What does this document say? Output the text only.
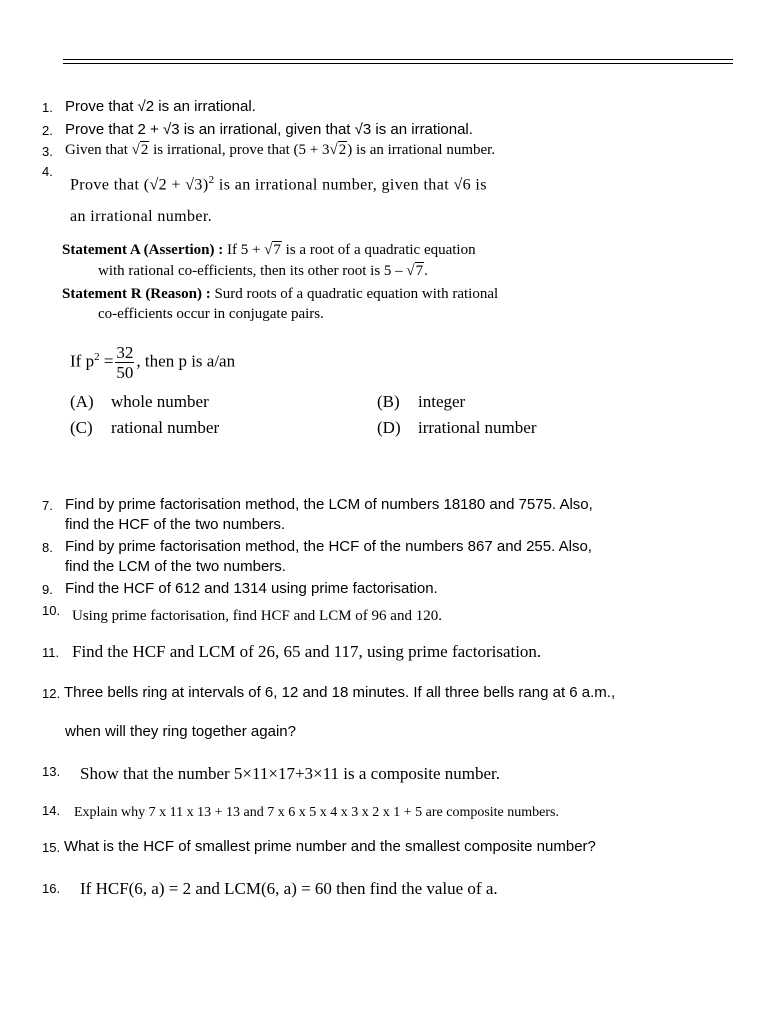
1. Prove that √2 is an irrational.
2. Prove that 2 + √3 is an irrational, given that √3 is an irrational.
3. Given that √2 is irrational, prove that (5 + 3√2) is an irrational number.
4.
Prove that $(√2 + √3)^2$ is an irrational number, given that √6 is
an irrational number.
Statement A (Assertion) : If 5 + √7 is a root of a quadratic equation
with rational co-efficients, then its other root is 5 – √7.
Statement R (Reason) : Surd roots of a quadratic equation with rational
co-efficients occur in conjugate pairs.
If $p^2 = \frac{32}{50}$ , then p is a/an
(A) whole number	(B) integer
(C) rational number	(D) irrational number
7. Find by prime factorisation method, the LCM of numbers 18180 and 7575. Also,
find the HCF of the two numbers.
8. Find by prime factorisation method, the HCF of the numbers 867 and 255. Also,
find the LCM of the two numbers.
9. Find the HCF of 612 and 1314 using prime factorisation.
10. Using prime factorisation, find HCF and LCM of 96 and 120.
11. Find the HCF and LCM of 26, 65 and 117, using prime factorisation.
12. Three bells ring at intervals of 6, 12 and 18 minutes. If all three bells rang at 6 a.m.,
when will they ring together again?
13. Show that the number 5×11×17+3×11 is a composite number.
14. Explain why 7 x 11 x 13 + 13 and 7 x 6 x 5 x 4 x 3 x 2 x 1 + 5 are composite numbers.
15. What is the HCF of smallest prime number and the smallest composite number?
16. If HCF(6, a) = 2 and LCM(6, a) = 60 then find the value of a.
